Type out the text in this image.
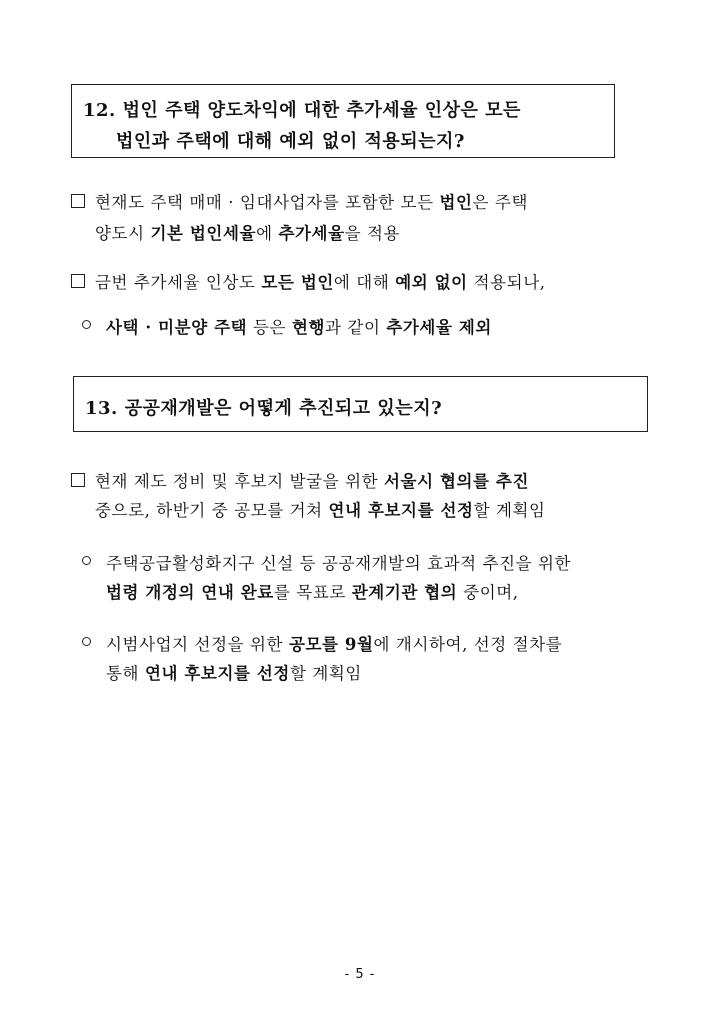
12. 법인 주택 양도차익에 대한 추가세율 인상은 모든
법인과 주택에 대해 예외 없이 적용되는지?
현재도 주택 매매 · 임대사업자를 포함한 모든 법인은 주택
양도시 기본 법인세율에 추가세율을 적용
금번 추가세율 인상도 모든 법인에 대해 예외 없이 적용되나,
사택 · 미분양 주택 등은 현행과 같이 추가세율 제외
13. 공공재개발은 어떻게 추진되고 있는지?
현재 제도 정비 및 후보지 발굴을 위한 서울시 협의를 추진
중으로, 하반기 중 공모를 거쳐 연내 후보지를 선정할 계획임
주택공급활성화지구 신설 등 공공재개발의 효과적 추진을 위한
법령 개정의 연내 완료를 목표로 관계기관 협의 중이며,
시범사업지 선정을 위한 공모를 9월에 개시하여, 선정 절차를
통해 연내 후보지를 선정할 계획임
- 5 -
